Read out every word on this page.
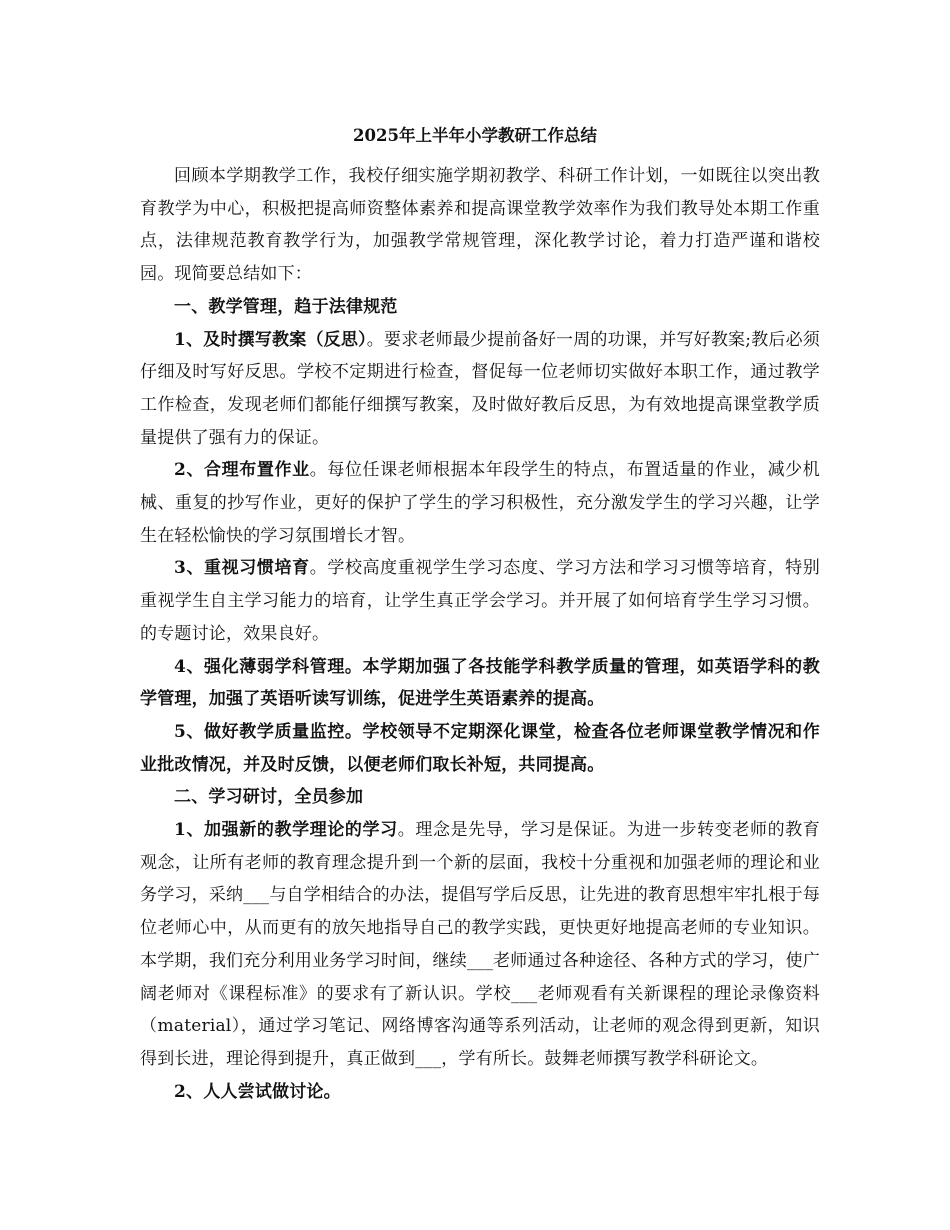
2025年上半年小学教研工作总结

回顾本学期教学工作，我校仔细实施学期初教学、科研工作计划，一如既往以突出教育教学为中心，积极把提高师资整体素养和提高课堂教学效率作为我们教导处本期工作重点，法律规范教育教学行为，加强教学常规管理，深化教学讨论，着力打造严谨和谐校园。现简要总结如下：

一、教学管理，趋于法律规范

1、及时撰写教案（反思）。要求老师最少提前备好一周的功课，并写好教案;教后必须仔细及时写好反思。学校不定期进行检查，督促每一位老师切实做好本职工作，通过教学工作检查，发现老师们都能仔细撰写教案，及时做好教后反思，为有效地提高课堂教学质量提供了强有力的保证。

2、合理布置作业。每位任课老师根据本年段学生的特点，布置适量的作业，减少机械、重复的抄写作业，更好的保护了学生的学习积极性，充分激发学生的学习兴趣，让学生在轻松愉快的学习氛围增长才智。

3、重视习惯培育。学校高度重视学生学习态度、学习方法和学习习惯等培育，特别重视学生自主学习能力的培育，让学生真正学会学习。并开展了如何培育学生学习习惯。的专题讨论，效果良好。

4、强化薄弱学科管理。本学期加强了各技能学科教学质量的管理，如英语学科的教学管理，加强了英语听读写训练，促进学生英语素养的提高。

5、做好教学质量监控。学校领导不定期深化课堂，检查各位老师课堂教学情况和作业批改情况，并及时反馈，以便老师们取长补短，共同提高。

二、学习研讨，全员参加

1、加强新的教学理论的学习。理念是先导，学习是保证。为进一步转变老师的教育观念，让所有老师的教育理念提升到一个新的层面，我校十分重视和加强老师的理论和业务学习，采纳___与自学相结合的办法，提倡写学后反思，让先进的教育思想牢牢扎根于每位老师心中，从而更有的放矢地指导自己的教学实践，更快更好地提高老师的专业知识。本学期，我们充分利用业务学习时间，继续___老师通过各种途径、各种方式的学习，使广阔老师对《课程标准》的要求有了新认识。学校___老师观看有关新课程的理论录像资料（material），通过学习笔记、网络博客沟通等系列活动，让老师的观念得到更新，知识得到长进，理论得到提升，真正做到___，学有所长。鼓舞老师撰写教学科研论文。

2、人人尝试做讨论。
